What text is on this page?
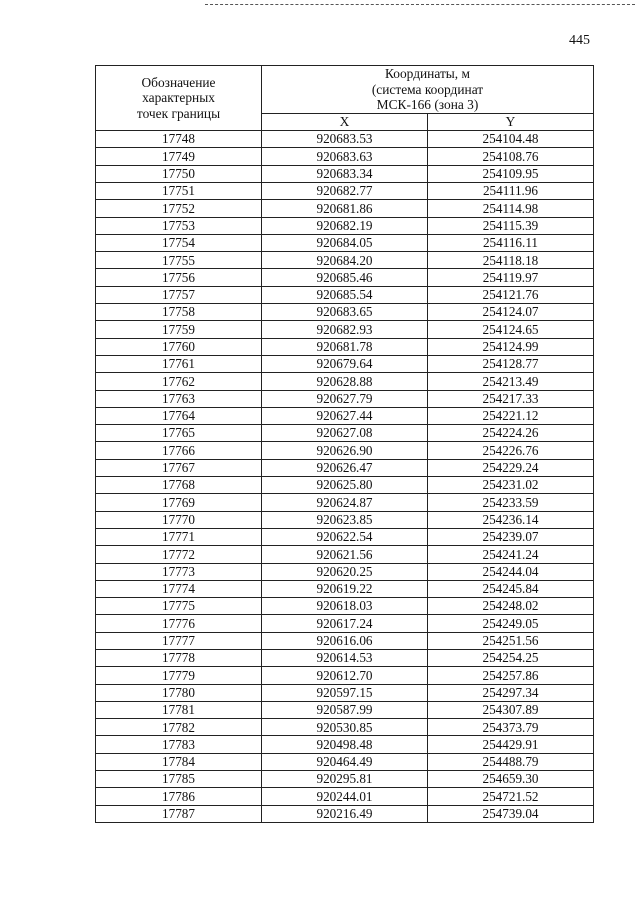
445
Обозначение
характерных
точек границы	Координаты, м
(система координат
МСК-166 (зона 3)	
	X	Y
17748	920683.53	254104.48
17749	920683.63	254108.76
17750	920683.34	254109.95
17751	920682.77	254111.96
17752	920681.86	254114.98
17753	920682.19	254115.39
17754	920684.05	254116.11
17755	920684.20	254118.18
17756	920685.46	254119.97
17757	920685.54	254121.76
17758	920683.65	254124.07
17759	920682.93	254124.65
17760	920681.78	254124.99
17761	920679.64	254128.77
17762	920628.88	254213.49
17763	920627.79	254217.33
17764	920627.44	254221.12
17765	920627.08	254224.26
17766	920626.90	254226.76
17767	920626.47	254229.24
17768	920625.80	254231.02
17769	920624.87	254233.59
17770	920623.85	254236.14
17771	920622.54	254239.07
17772	920621.56	254241.24
17773	920620.25	254244.04
17774	920619.22	254245.84
17775	920618.03	254248.02
17776	920617.24	254249.05
17777	920616.06	254251.56
17778	920614.53	254254.25
17779	920612.70	254257.86
17780	920597.15	254297.34
17781	920587.99	254307.89
17782	920530.85	254373.79
17783	920498.48	254429.91
17784	920464.49	254488.79
17785	920295.81	254659.30
17786	920244.01	254721.52
17787	920216.49	254739.04
